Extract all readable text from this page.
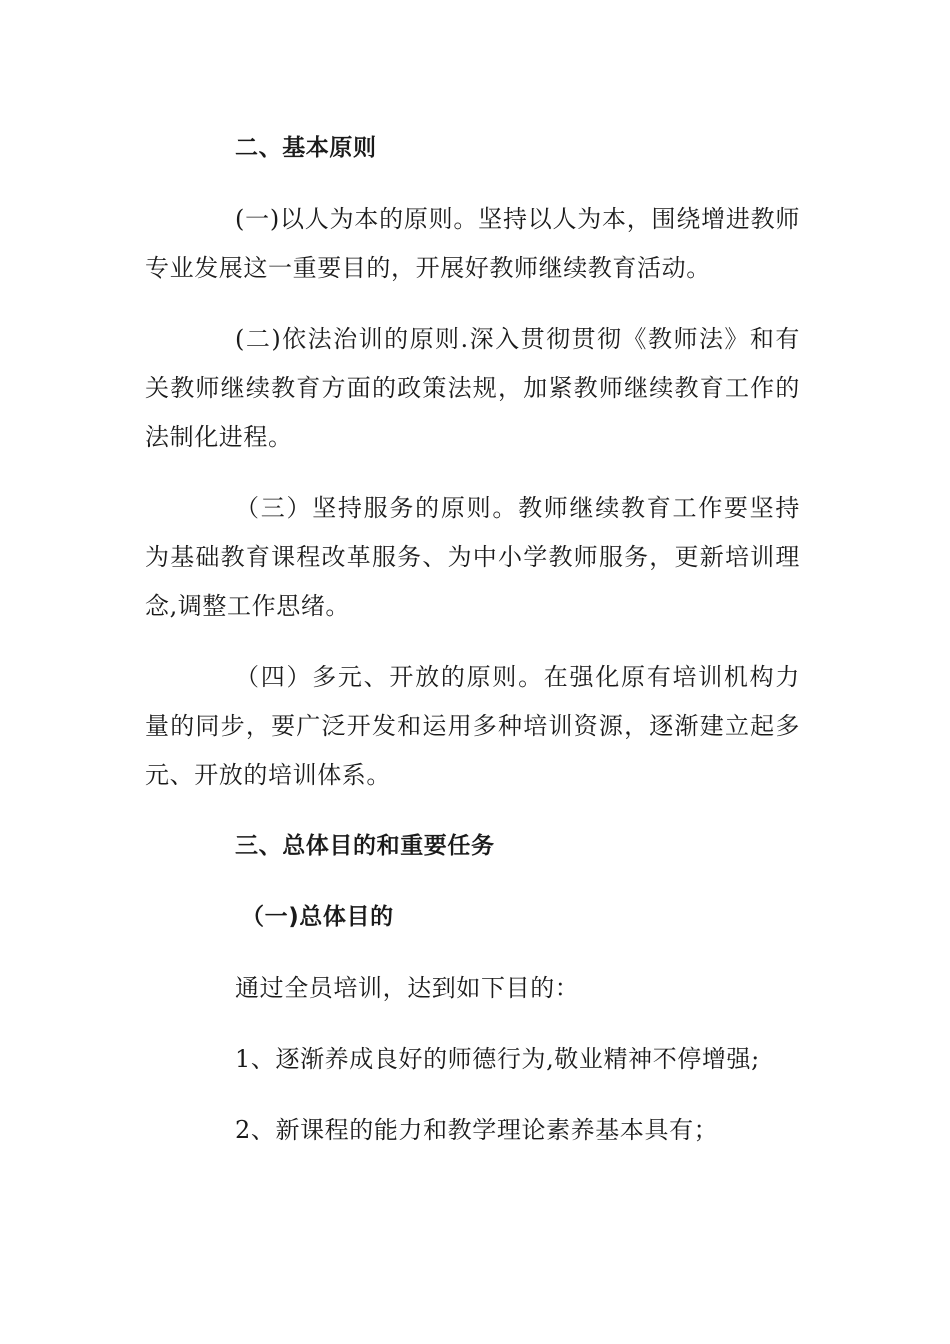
二、基本原则

(一)以人为本的原则。坚持以人为本，围绕增进教师专业发展这一重要目的，开展好教师继续教育活动。

(二)依法治训的原则.深入贯彻贯彻《教师法》和有关教师继续教育方面的政策法规，加紧教师继续教育工作的法制化进程。

（三）坚持服务的原则。教师继续教育工作要坚持为基础教育课程改革服务、为中小学教师服务，更新培训理念,调整工作思绪。

（四）多元、开放的原则。在强化原有培训机构力量的同步，要广泛开发和运用多种培训资源，逐渐建立起多元、开放的培训体系。

三、总体目的和重要任务

（一)总体目的

通过全员培训，达到如下目的：

1、逐渐养成良好的师德行为,敬业精神不停增强;

2、新课程的能力和教学理论素养基本具有；
